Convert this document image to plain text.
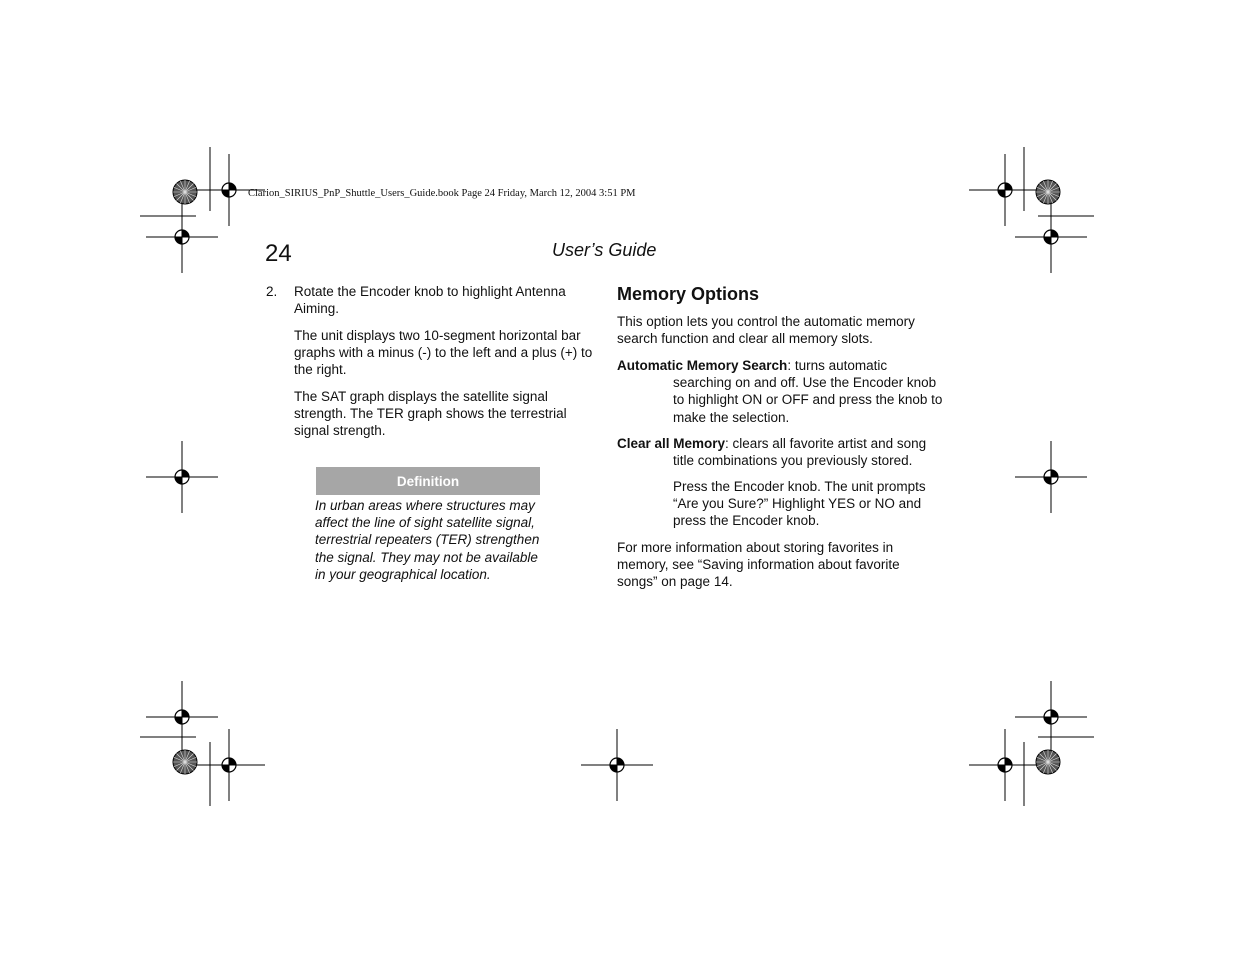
Clarion_SIRIUS_PnP_Shuttle_Users_Guide.book Page 24 Friday, March 12, 2004 3:51 PM
24	User’s Guide

2. Rotate the Encoder knob to highlight Antenna Aiming.

The unit displays two 10-segment horizontal bar graphs with a minus (-) to the left and a plus (+) to the right.

The SAT graph displays the satellite signal strength. The TER graph shows the terrestrial signal strength.

Definition

In urban areas where structures may affect the line of sight satellite signal, terrestrial repeaters (TER) strengthen the signal. They may not be available in your geographical location.

Memory Options

This option lets you control the automatic memory search function and clear all memory slots.

Automatic Memory Search: turns automatic
searching on and off. Use the Encoder knob to highlight ON or OFF and press the knob to make the selection.
Clear all Memory: clears all favorite artist and song
title combinations you previously stored.

Press the Encoder knob. The unit prompts “Are you Sure?” Highlight YES or NO and press the Encoder knob.

For more information about storing favorites in memory, see “Saving information about favorite songs” on page 14.
